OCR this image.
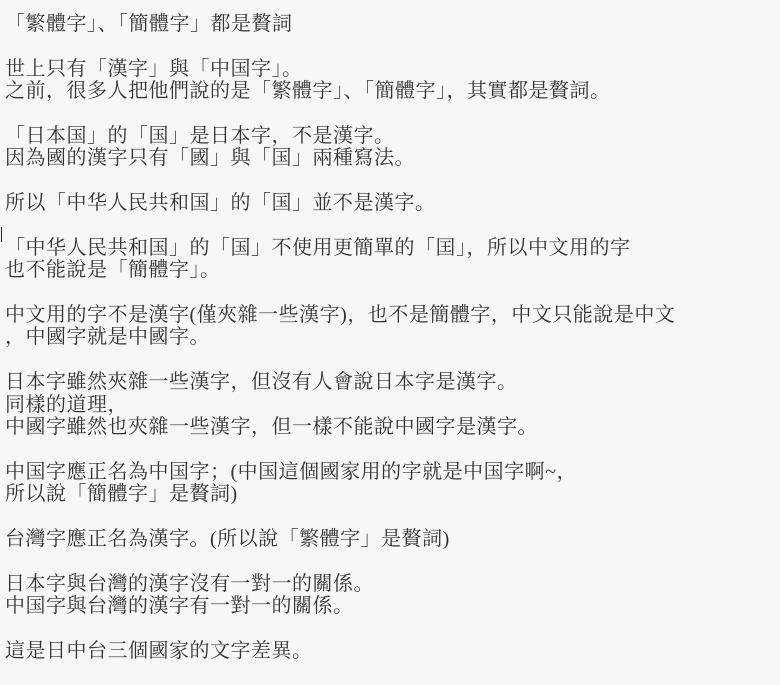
「繁體字」、「簡體字」都是贅詞
世上只有「漢字」與「中国字」。
之前，很多人把他們說的是「繁體字」、「簡體字」，其實都是贅詞。
「日本国」的「国」是日本字，不是漢字。
因為國的漢字只有「國」與「国」兩種寫法。
所以「中华人民共和国」的「国」並不是漢字。
「中华人民共和国」的「国」不使用更簡單的「囯」，所以中文用的字
也不能說是「簡體字」。
中文用的字不是漢字(僅夾雜一些漢字)，也不是簡體字，中文只能說是中文
，中國字就是中國字。
日本字雖然夾雜一些漢字，但沒有人會說日本字是漢字。
同樣的道理，
中國字雖然也夾雜一些漢字，但一樣不能說中國字是漢字。
中国字應正名為中国字；(中国這個國家用的字就是中国字啊~，
所以說「簡體字」是贅詞)
台灣字應正名為漢字。(所以說「繁體字」是贅詞)
日本字與台灣的漢字沒有一對一的關係。
中国字與台灣的漢字有一對一的關係。
這是日中台三個國家的文字差異。
